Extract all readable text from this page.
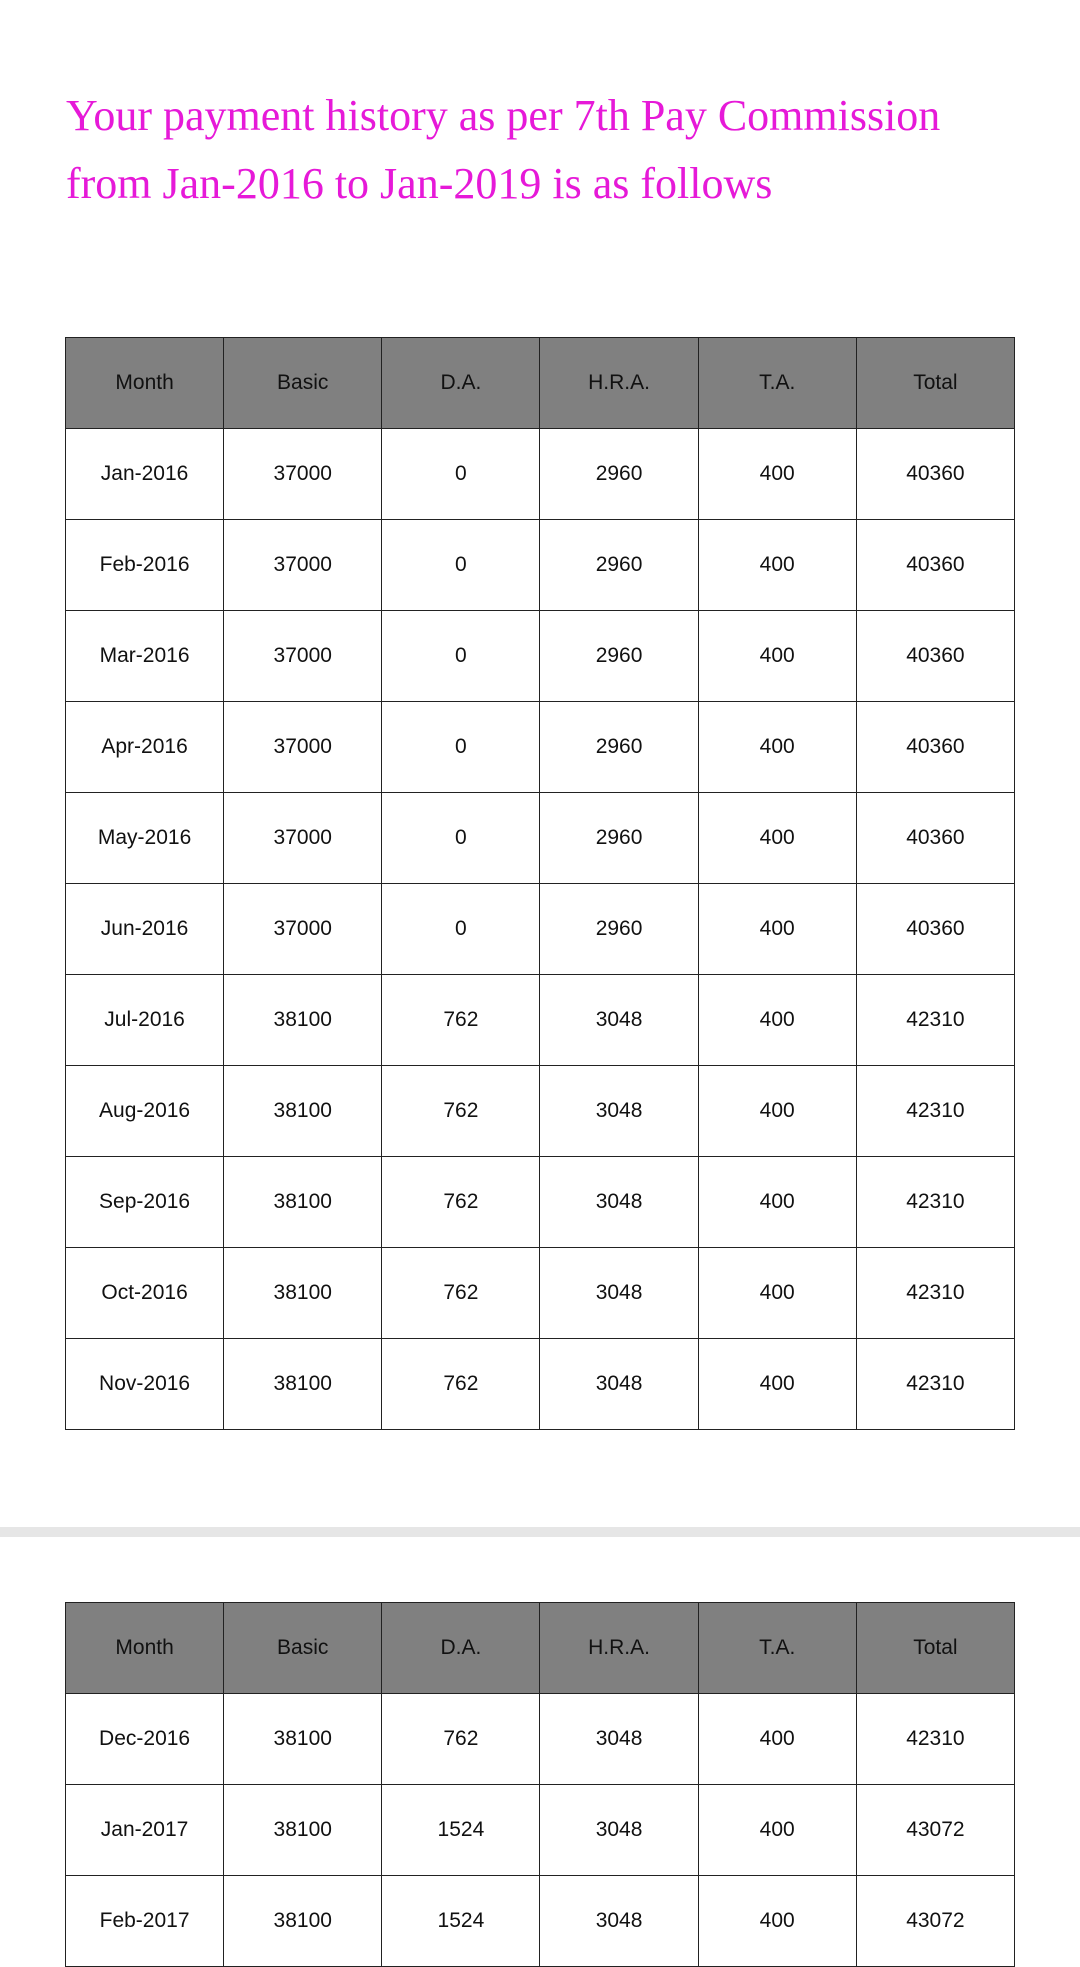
Your payment history as per 7th Pay Commission
from Jan-2016 to Jan-2019 is as follows
Month	Basic	D.A.	H.R.A.	T.A.	Total
Jan-2016	37000	0	2960	400	40360
Feb-2016	37000	0	2960	400	40360
Mar-2016	37000	0	2960	400	40360
Apr-2016	37000	0	2960	400	40360
May-2016	37000	0	2960	400	40360
Jun-2016	37000	0	2960	400	40360
Jul-2016	38100	762	3048	400	42310
Aug-2016	38100	762	3048	400	42310
Sep-2016	38100	762	3048	400	42310
Oct-2016	38100	762	3048	400	42310
Nov-2016	38100	762	3048	400	42310
Month	Basic	D.A.	H.R.A.	T.A.	Total
Dec-2016	38100	762	3048	400	42310
Jan-2017	38100	1524	3048	400	43072
Feb-2017	38100	1524	3048	400	43072
